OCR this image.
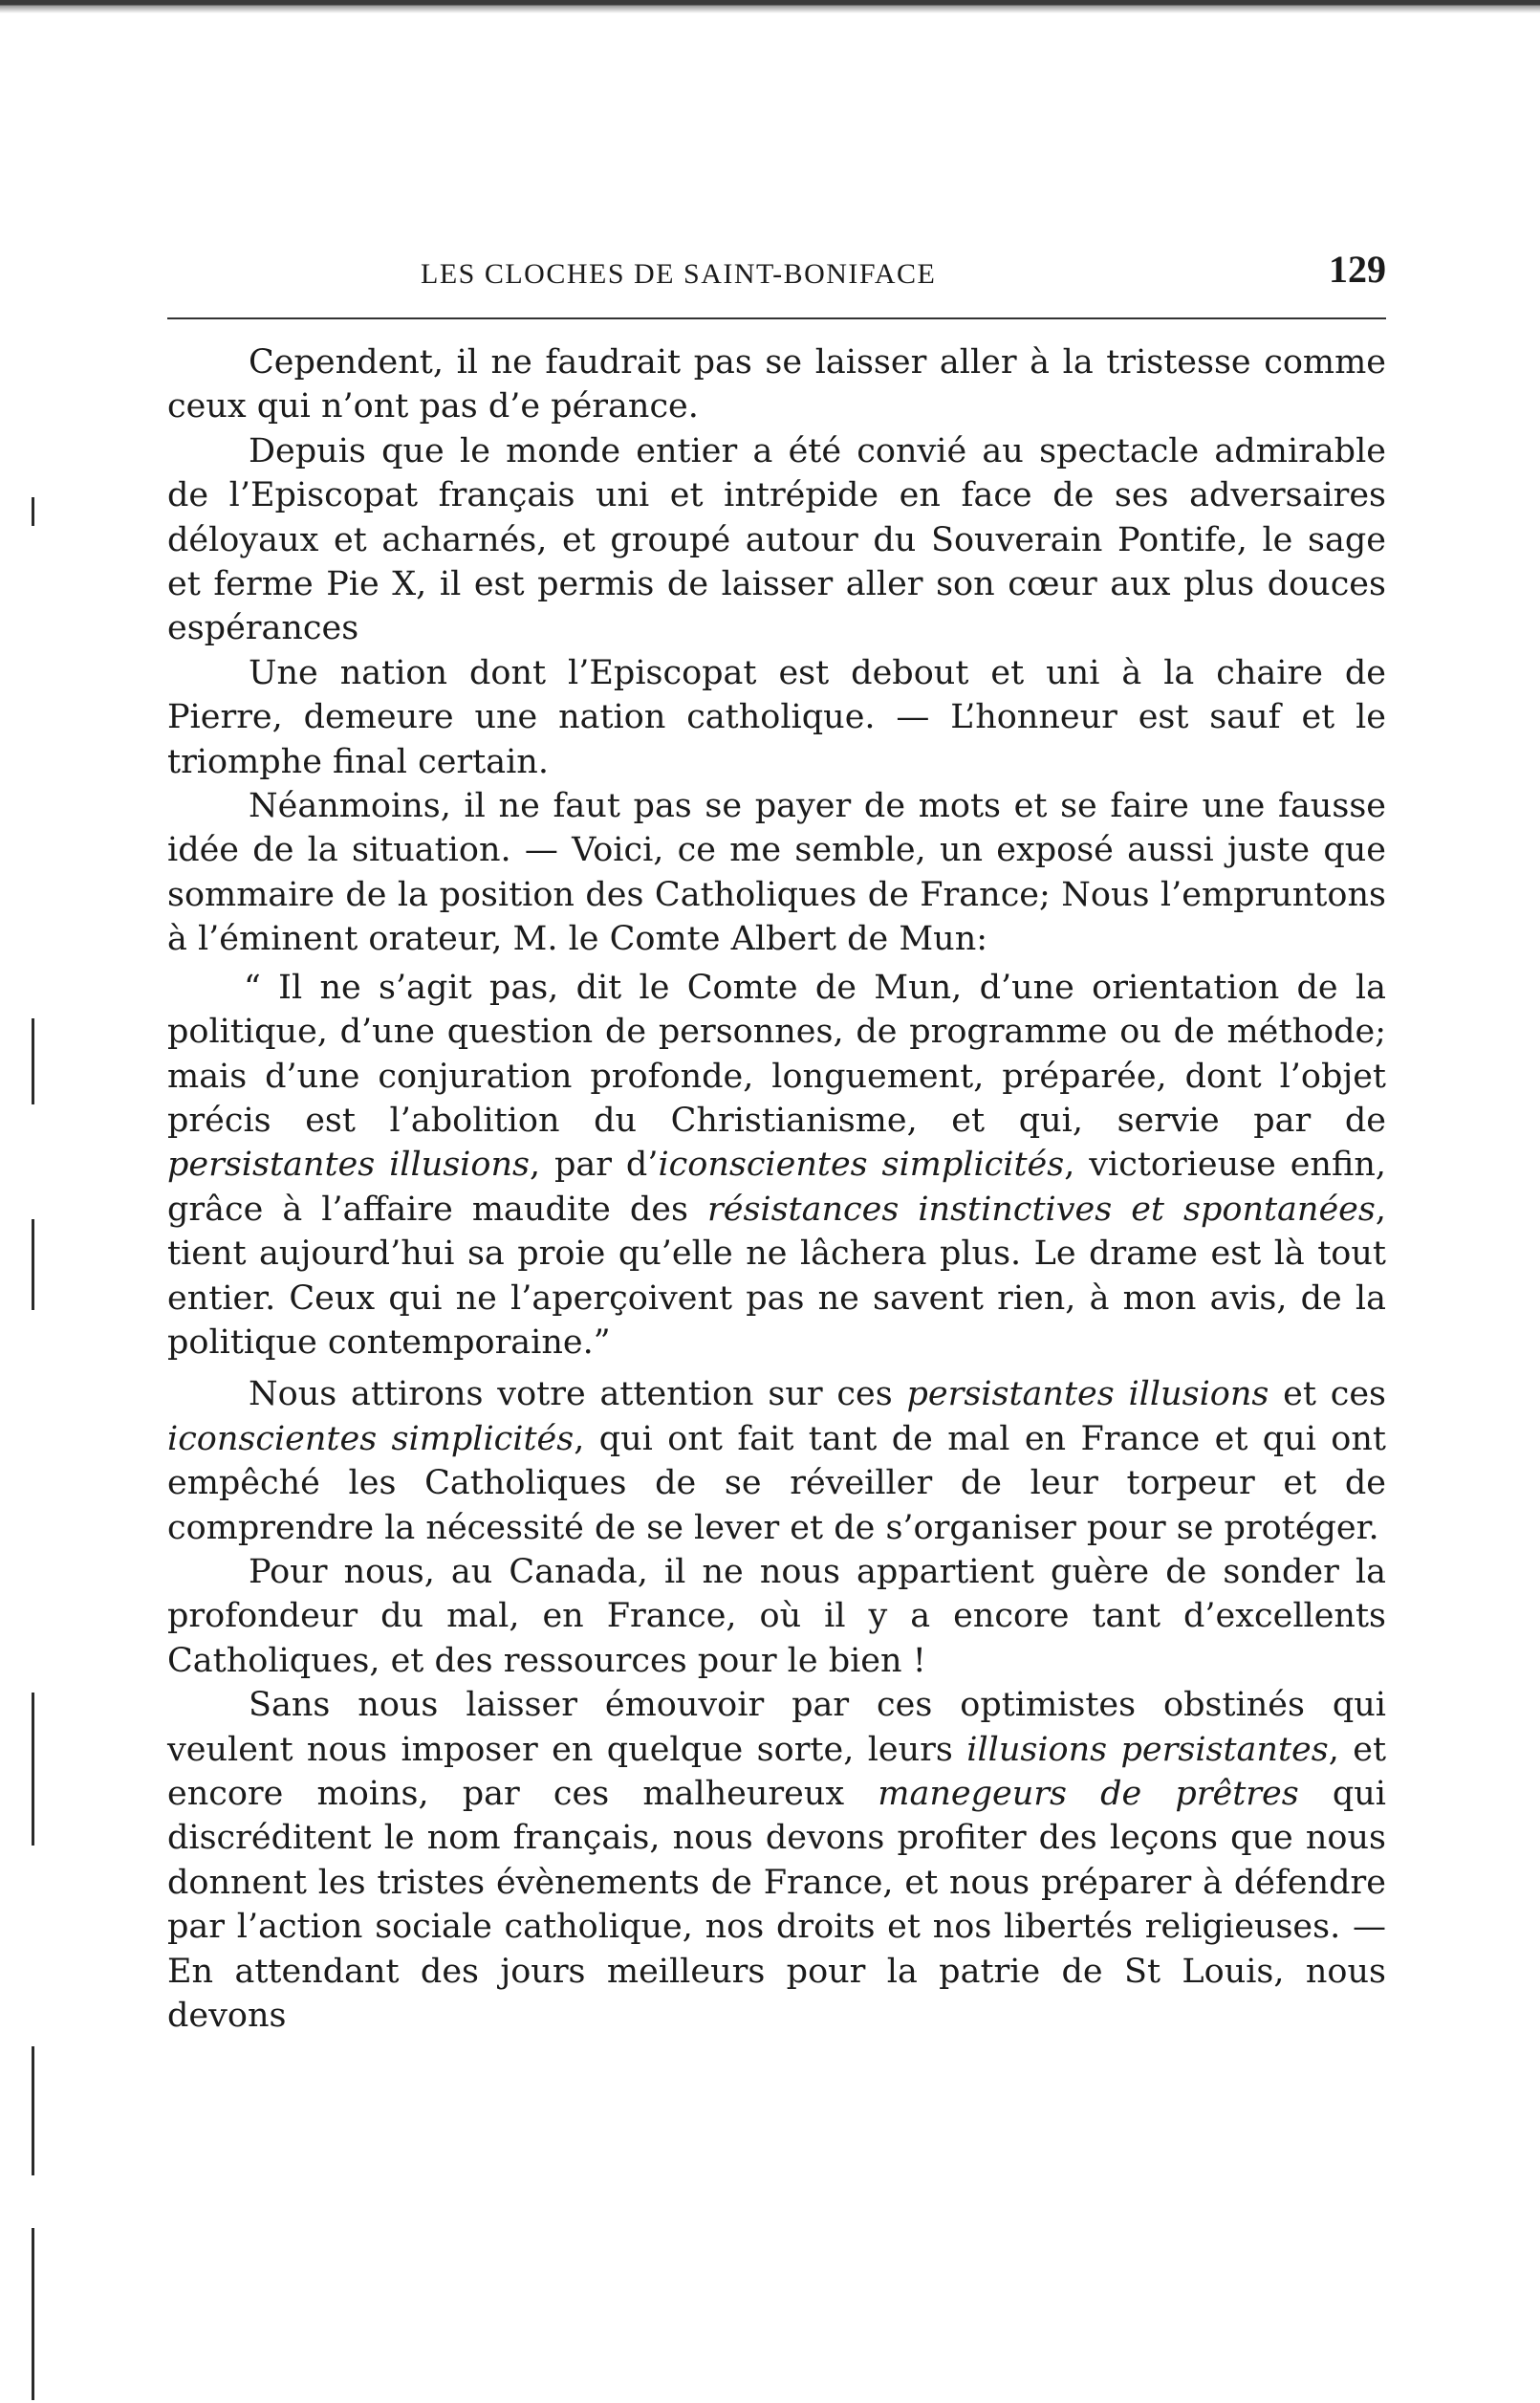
LES CLOCHES DE SAINT-BONIFACE	129

Cependent, il ne faudrait pas se laisser aller à la tristesse comme ceux qui n’ont pas d’e pérance.

Depuis que le monde entier a été convié au spectacle admirable de l’Episcopat français uni et intrépide en face de ses adversaires déloyaux et acharnés, et groupé autour du Souverain Pontife, le sage et ferme Pie X, il est permis de laisser aller son cœur aux plus douces espérances

Une nation dont l’Episcopat est debout et uni à la chaire de Pierre, demeure une nation catholique. — L’honneur est sauf et le triomphe final certain.

Néanmoins, il ne faut pas se payer de mots et se faire une fausse idée de la situation. — Voici, ce me semble, un exposé aussi juste que sommaire de la position des Catholiques de France; Nous l’empruntons à l’éminent orateur, M. le Comte Albert de Mun:

“ Il ne s’agit pas, dit le Comte de Mun, d’une orientation de la politique, d’une question de personnes, de programme ou de méthode; mais d’une conjuration profonde, longuement, préparée, dont l’objet précis est l’abolition du Christianisme, et qui, servie par de persistantes illusions, par d’iconscientes simplicités, victorieuse enfin, grâce à l’affaire maudite des résistances instinctives et spontanées, tient aujourd’hui sa proie qu’elle ne lâchera plus. Le drame est là tout entier. Ceux qui ne l’aperçoivent pas ne savent rien, à mon avis, de la politique contemporaine.”

Nous attirons votre attention sur ces persistantes illusions et ces iconscientes simplicités, qui ont fait tant de mal en France et qui ont empêché les Catholiques de se réveiller de leur torpeur et de comprendre la nécessité de se lever et de s’organiser pour se protéger.

Pour nous, au Canada, il ne nous appartient guère de sonder la profondeur du mal, en France, où il y a encore tant d’excellents Catholiques, et des ressources pour le bien !

Sans nous laisser émouvoir par ces optimistes obstinés qui veulent nous imposer en quelque sorte, leurs illusions persistantes, et encore moins, par ces malheureux manegeurs de prêtres qui discréditent le nom français, nous devons profiter des leçons que nous donnent les tristes évènements de France, et nous préparer à défendre par l’action sociale catholique, nos droits et nos libertés religieuses. — En attendant des jours meilleurs pour la patrie de St Louis, nous devons
